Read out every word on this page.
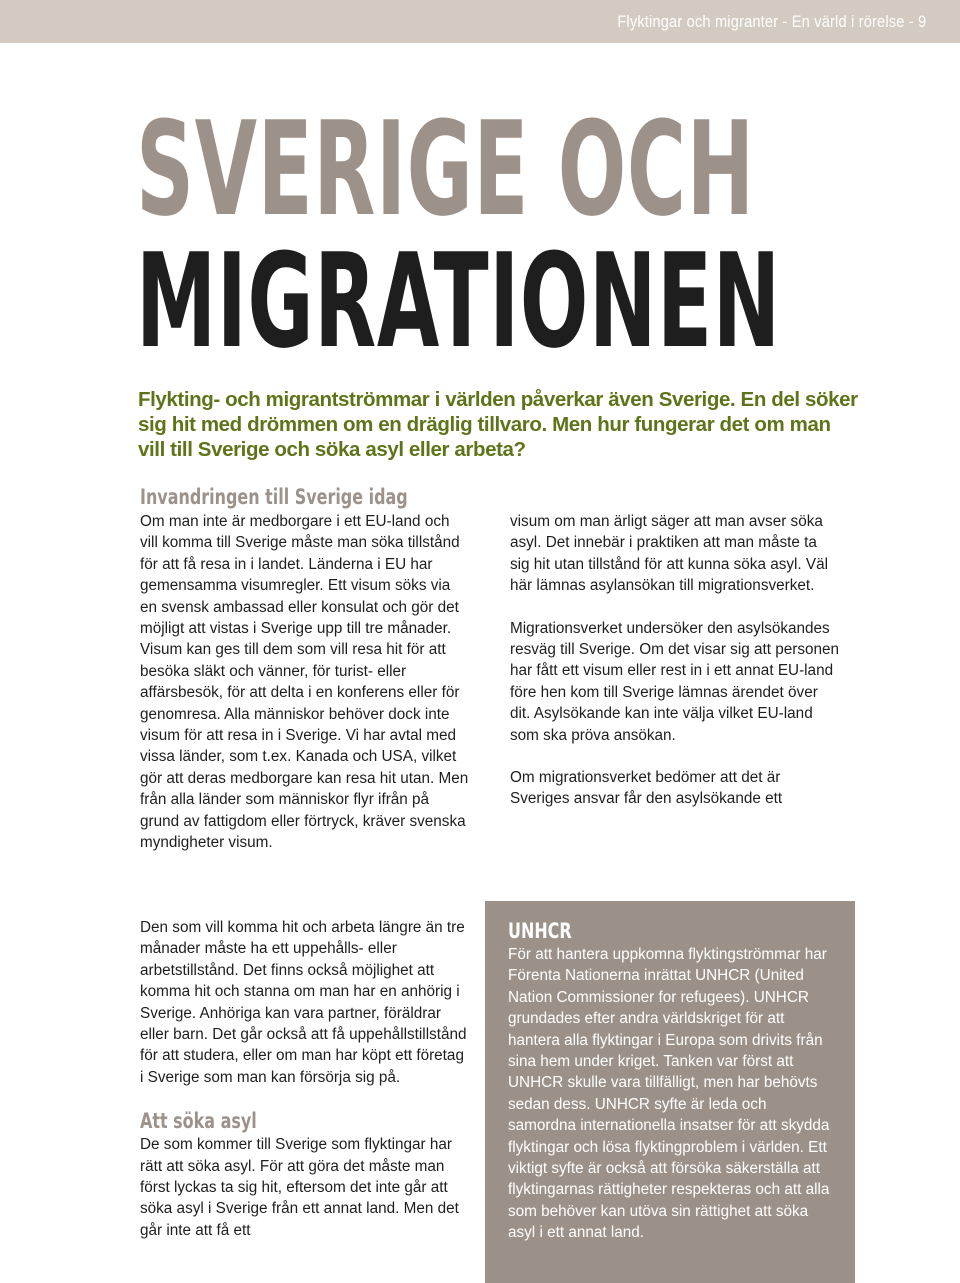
Flyktingar och migranter - En värld i rörelse - 9
SVERIGE OCH
MIGRATIONEN

Flykting- och migrantströmmar i världen påverkar även Sverige. En del söker sig hit med drömmen om en dräglig tillvaro. Men hur fungerar det om man vill till Sverige och söka asyl eller arbeta?

Invandringen till Sverige idag

Om man inte är medborgare i ett EU-land och vill komma till Sverige måste man söka tillstånd för att få resa in i landet. Länderna i EU har gemensamma visumregler. Ett visum söks via en svensk ambassad eller konsulat och gör det möjligt att vistas i Sverige upp till tre månader. Visum kan ges till dem som vill resa hit för att besöka släkt och vänner, för turist- eller affärsbesök, för att delta i en konferens eller för genomresa. Alla människor behöver dock inte visum för att resa in i Sverige. Vi har avtal med vissa länder, som t.ex. Kanada och USA, vilket gör att deras medborgare kan resa hit utan. Men från alla länder som människor flyr ifrån på grund av fattigdom eller förtryck, kräver svenska myndigheter visum.

visum om man ärligt säger att man avser söka asyl. Det innebär i praktiken att man måste ta sig hit utan tillstånd för att kunna söka asyl. Väl här lämnas asylansökan till migrationsverket.

Migrationsverket undersöker den asylsökandes resväg till Sverige. Om det visar sig att personen har fått ett visum eller rest in i ett annat EU-land före hen kom till Sverige lämnas ärendet över dit. Asylsökande kan inte välja vilket EU-land som ska pröva ansökan.

Om migrationsverket bedömer att det är Sveriges ansvar får den asylsökande ett

Den som vill komma hit och arbeta längre än tre månader måste ha ett uppehålls- eller arbetstillstånd. Det finns också möjlighet att komma hit och stanna om man har en anhörig i Sverige. Anhöriga kan vara partner, föräldrar eller barn. Det går också att få uppehållstillstånd för att studera, eller om man har köpt ett företag i Sverige som man kan försörja sig på.

Att söka asyl

De som kommer till Sverige som flyktingar har rätt att söka asyl. För att göra det måste man först lyckas ta sig hit, eftersom det inte går att söka asyl i Sverige från ett annat land. Men det går inte att få ett

UNHCR

För att hantera uppkomna flyktingströmmar har Förenta Nationerna inrättat UNHCR (United Nation Commissioner for refugees). UNHCR grundades efter andra världskriget för att hantera alla flyktingar i Europa som drivits från sina hem under kriget. Tanken var först att UNHCR skulle vara tillfälligt, men har behövts sedan dess. UNHCR syfte är leda och samordna internationella insatser för att skydda flyktingar och lösa flyktingproblem i världen. Ett viktigt syfte är också att försöka säkerställa att flyktingarnas rättigheter respekteras och att alla som behöver kan utöva sin rättighet att söka asyl i ett annat land.
